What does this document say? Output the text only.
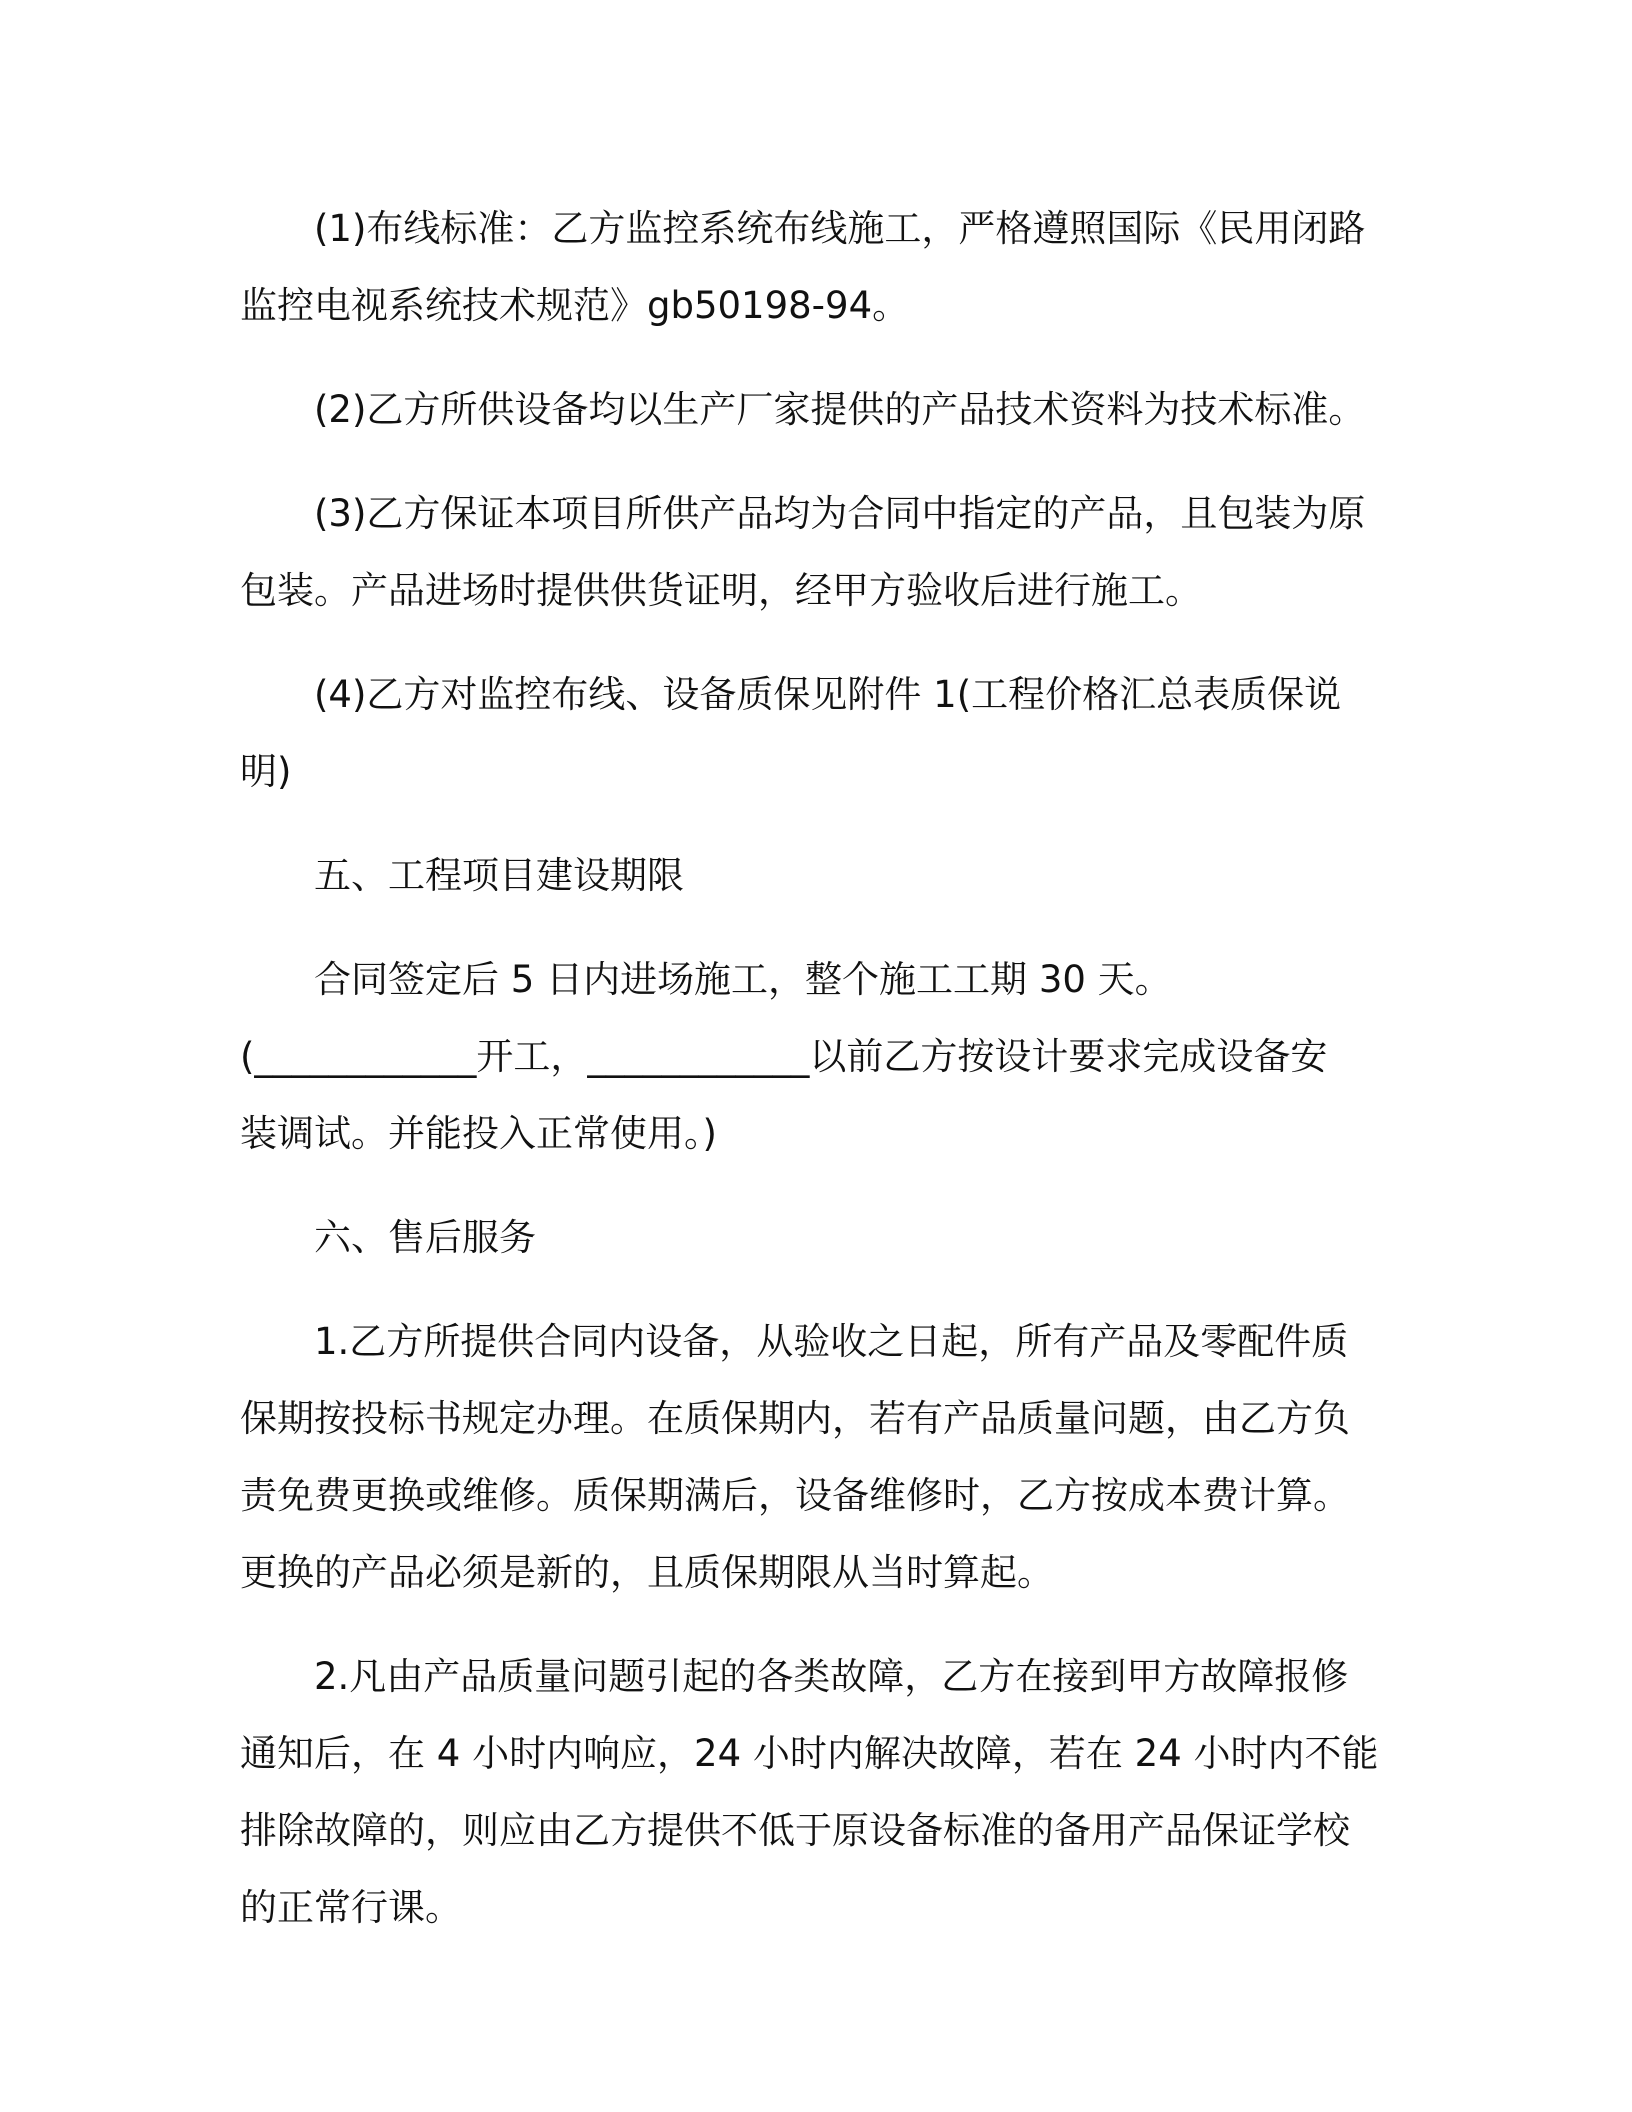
(1)布线标准：乙方监控系统布线施工，严格遵照国际《民用闭路
监控电视系统技术规范》gb50198-94。
(2)乙方所供设备均以生产厂家提供的产品技术资料为技术标准。
(3)乙方保证本项目所供产品均为合同中指定的产品，且包装为原
包装。产品进场时提供供货证明，经甲方验收后进行施工。
(4)乙方对监控布线、设备质保见附件 1(工程价格汇总表质保说明)
五、工程项目建设期限
合同签定后 5 日内进场施工，整个施工工期 30 天。
(____________开工，____________以前乙方按设计要求完成设备安
装调试。并能投入正常使用。)
六、售后服务
1.乙方所提供合同内设备，从验收之日起，所有产品及零配件质
保期按投标书规定办理。在质保期内，若有产品质量问题，由乙方负
责免费更换或维修。质保期满后，设备维修时，乙方按成本费计算。
更换的产品必须是新的，且质保期限从当时算起。
2.凡由产品质量问题引起的各类故障，乙方在接到甲方故障报修
通知后，在 4 小时内响应，24 小时内解决故障，若在 24 小时内不能
排除故障的，则应由乙方提供不低于原设备标准的备用产品保证学校
的正常行课。
